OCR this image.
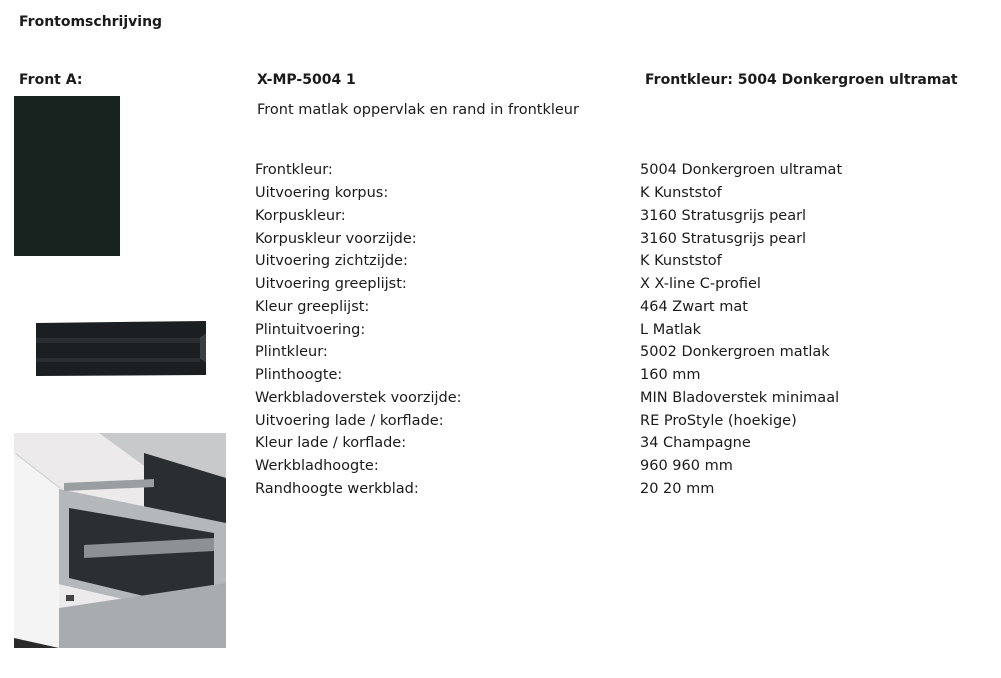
Frontomschrijving
Front A:	X-MP-5004 1	Frontkleur: 5004 Donkergroen ultramat
Front matlak oppervlak en rand in frontkleur
Frontkleur:	5004 Donkergroen ultramat
Uitvoering korpus:	K Kunststof
Korpuskleur:	3160 Stratusgrijs pearl
Korpuskleur voorzijde:	3160 Stratusgrijs pearl
Uitvoering zichtzijde:	K Kunststof
Uitvoering greeplijst:	X X-line C-profiel
Kleur greeplijst:	464 Zwart mat
Plintuitvoering:	L Matlak
Plintkleur:	5002 Donkergroen matlak
Plinthoogte:	160 mm
Werkbladoverstek voorzijde:	MIN Bladoverstek minimaal
Uitvoering lade / korflade:	RE ProStyle (hoekige)
Kleur lade / korflade:	34 Champagne
Werkbladhoogte:	960 960 mm
Randhoogte werkblad:	20 20 mm
